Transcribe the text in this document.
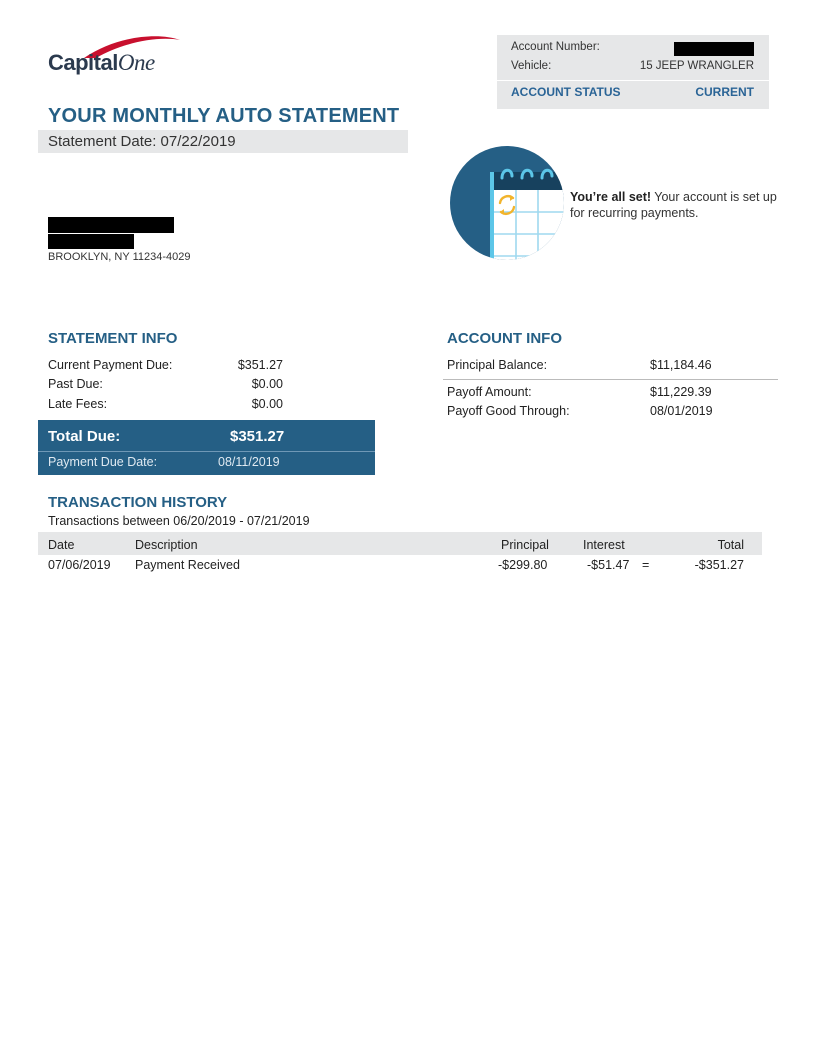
CapitalOne
Account Number:
Vehicle:	15 JEEP WRANGLER
ACCOUNT STATUS	CURRENT
YOUR MONTHLY AUTO STATEMENT
Statement Date: 07/22/2019
BROOKLYN, NY 11234-4029
You’re all set! Your account is set up for recurring payments.
STATEMENT INFO
Current Payment Due:	$351.27
Past Due:	$0.00
Late Fees:	$0.00
Total Due:	$351.27
Payment Due Date:	08/11/2019
ACCOUNT INFO
Principal Balance:	$11,184.46
Payoff Amount:	$11,229.39
Payoff Good Through:	08/01/2019
TRANSACTION HISTORY
Transactions between 06/20/2019 - 07/21/2019
Date	Description	Principal	Interest	Total
07/06/2019 Payment Received	-$299.80	-$51.47 =	-$351.27
